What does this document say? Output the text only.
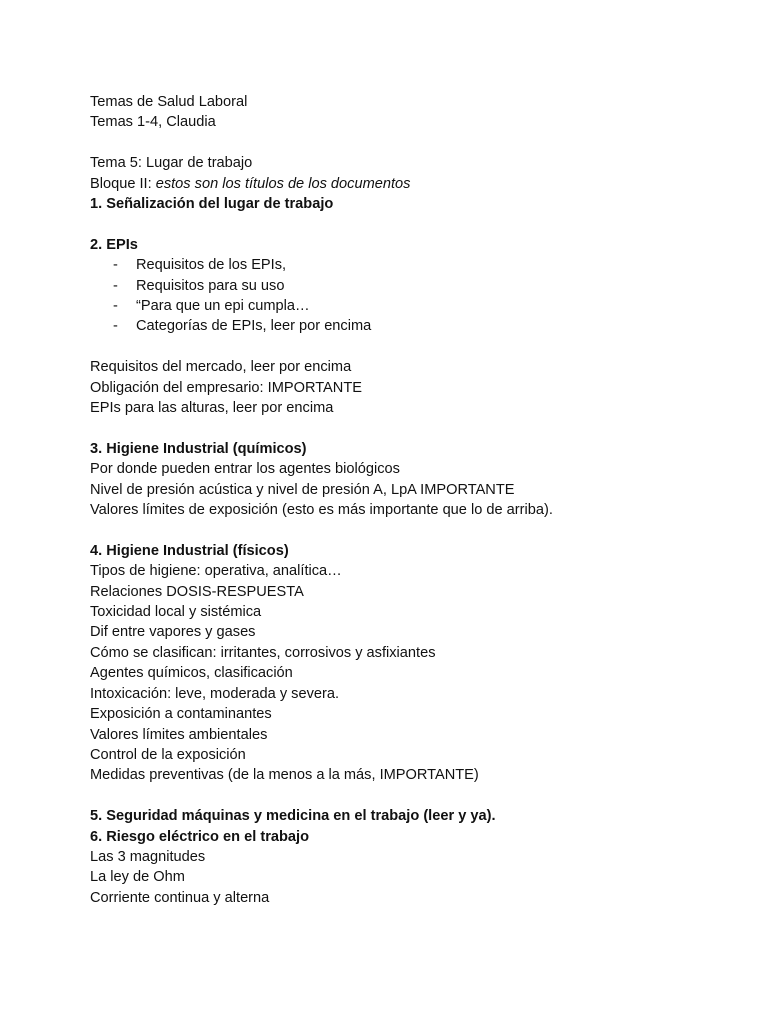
Temas de Salud Laboral
Temas 1-4, Claudia
Tema 5: Lugar de trabajo
Bloque II: estos son los títulos de los documentos
1. Señalización del lugar de trabajo
2. EPIs
- Requisitos de los EPIs,
- Requisitos para su uso
- “Para que un epi cumpla…
- Categorías de EPIs, leer por encima
Requisitos del mercado, leer por encima
Obligación del empresario: IMPORTANTE
EPIs para las alturas, leer por encima
3. Higiene Industrial (químicos)
Por donde pueden entrar los agentes biológicos
Nivel de presión acústica y nivel de presión A, LpA IMPORTANTE
Valores límites de exposición (esto es más importante que lo de arriba).
4. Higiene Industrial (físicos)
Tipos de higiene: operativa, analítica…
Relaciones DOSIS-RESPUESTA
Toxicidad local y sistémica
Dif entre vapores y gases
Cómo se clasifican: irritantes, corrosivos y asfixiantes
Agentes químicos, clasificación
Intoxicación: leve, moderada y severa.
Exposición a contaminantes
Valores límites ambientales
Control de la exposición
Medidas preventivas (de la menos a la más, IMPORTANTE)
5. Seguridad máquinas y medicina en el trabajo (leer y ya).
6. Riesgo eléctrico en el trabajo
Las 3 magnitudes
La ley de Ohm
Corriente continua y alterna
